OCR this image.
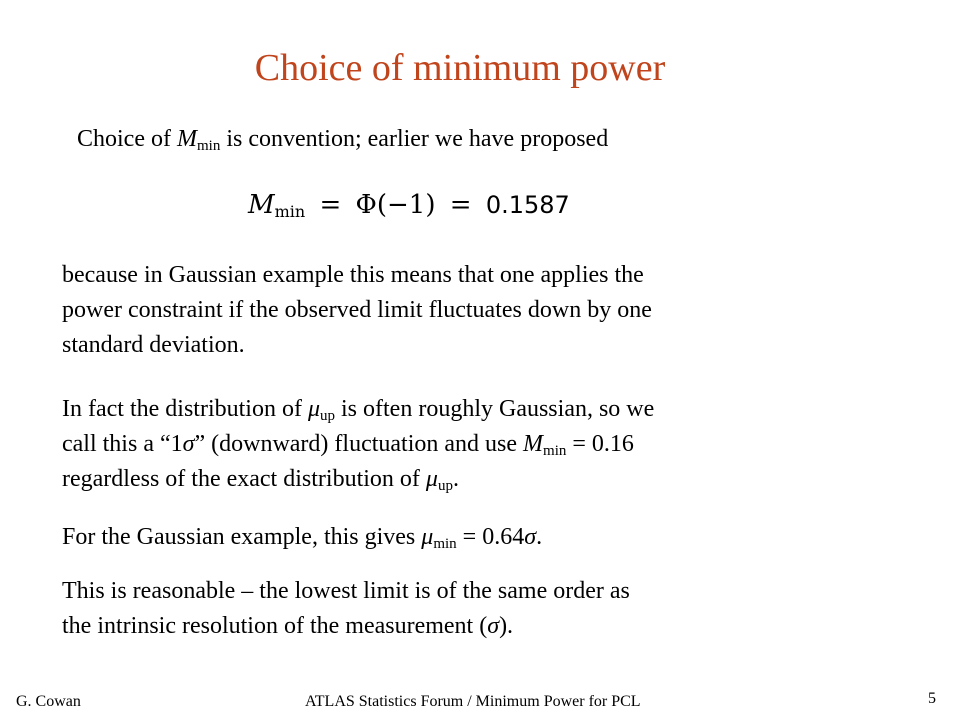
Choice of minimum power
Choice of $M_{min}$ is convention; earlier we have proposed
$M_{min} = \Phi(-1) = 0.1587$
because in Gaussian example this means that one applies the
power constraint if the observed limit fluctuates down by one
standard deviation.
In fact the distribution of $\mu_{up}$ is often roughly Gaussian, so we
call this a “1σ” (downward) fluctuation and use $M_{min} = 0.16$
regardless of the exact distribution of $\mu_{up}$.
For the Gaussian example, this gives $\mu_{min} = 0.64\sigma$.
This is reasonable – the lowest limit is of the same order as
the intrinsic resolution of the measurement (σ).
G. Cowan	ATLAS Statistics Forum / Minimum Power for PCL	5
